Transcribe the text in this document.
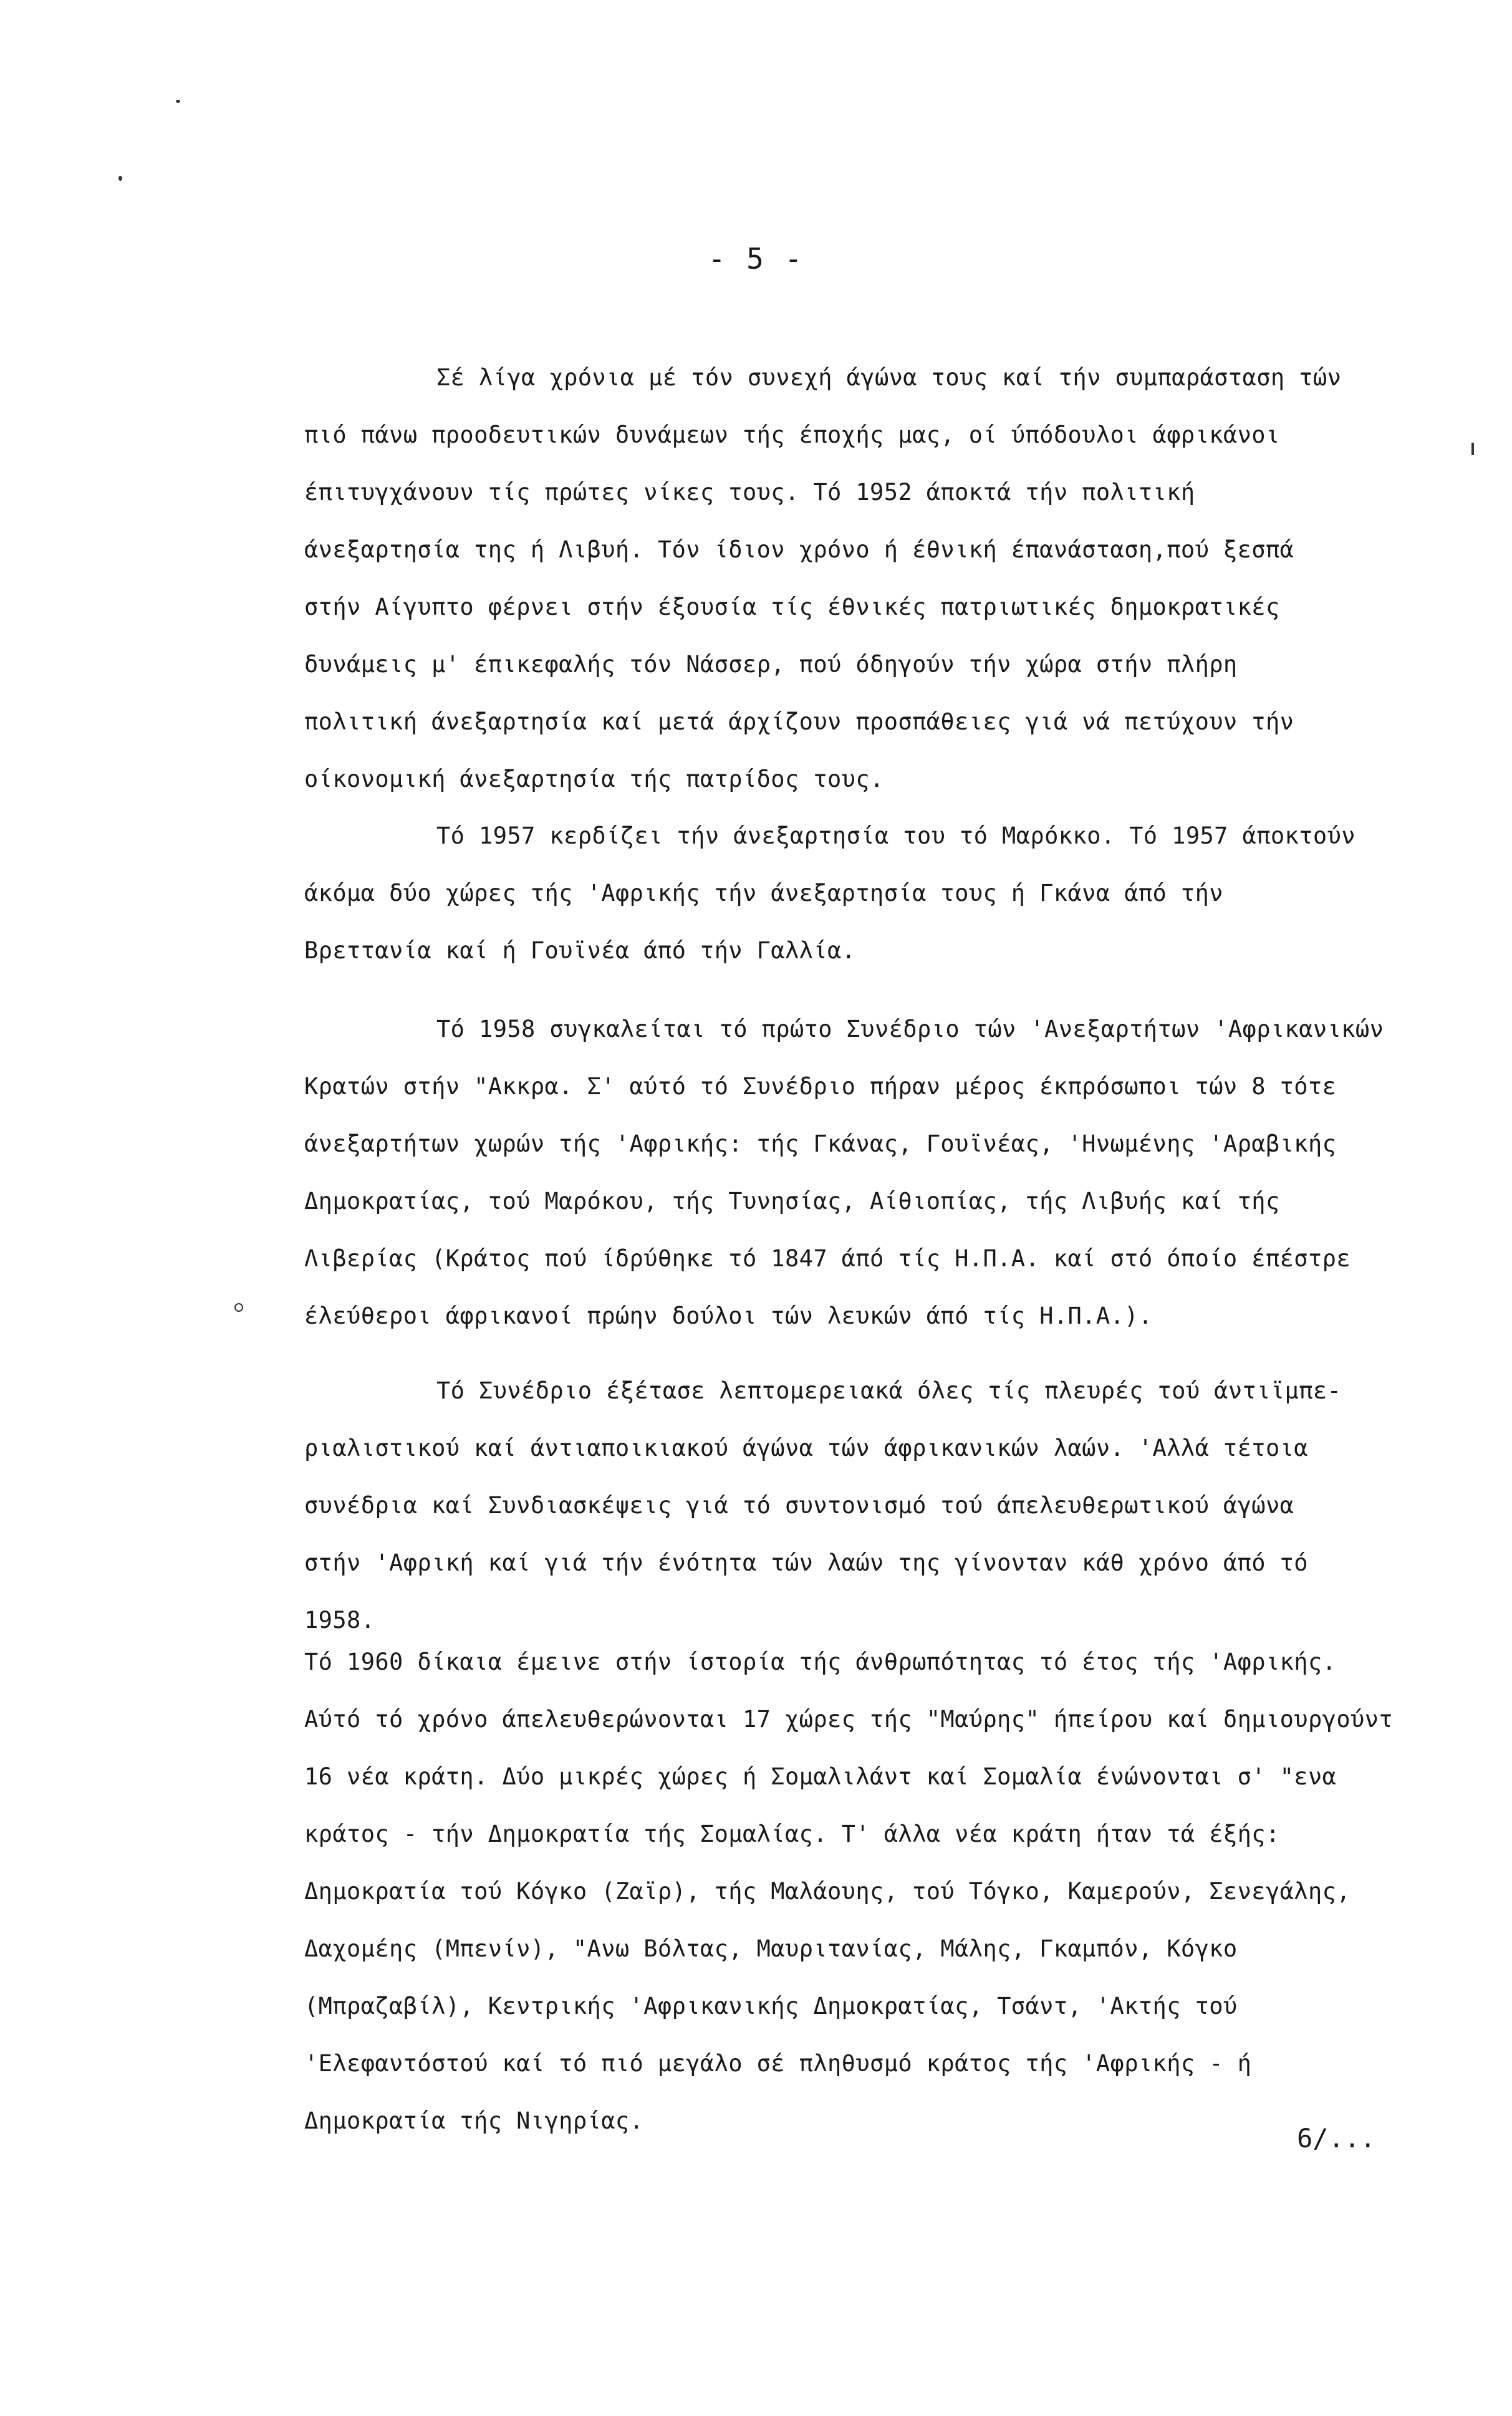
- 5 -
Σέ λίγα χρόνια μέ τόν συνεχή άγώνα τους καί τήν συμπαράσταση τών
πιό πάνω προοδευτικών δυνάμεων τής έποχής μας, οί ύπόδουλοι άφρικάνοι
έπιτυγχάνουν τίς πρώτες νίκες τους. Τό 1952 άποκτά τήν πολιτική
άνεξαρτησία της ή Λιβυή. Τόν ίδιον χρόνο ή έθνική έπανάσταση,πού ξεσπά
στήν Αίγυπτο φέρνει στήν έξουσία τίς έθνικές πατριωτικές δημοκρατικές
δυνάμεις μ' έπικεφαλής τόν Νάσσερ, πού όδηγούν τήν χώρα στήν πλήρη
πολιτική άνεξαρτησία καί μετά άρχίζουν προσπάθειες γιά νά πετύχουν τήν
οίκονομική άνεξαρτησία τής πατρίδος τους.
Τό 1957 κερδίζει τήν άνεξαρτησία του τό Μαρόκκο. Τό 1957 άποκτούν
άκόμα δύο χώρες τής 'Αφρικής τήν άνεξαρτησία τους ή Γκάνα άπό τήν
Βρεττανία καί ή Γουϊνέα άπό τήν Γαλλία.
Τό 1958 συγκαλείται τό πρώτο Συνέδριο τών 'Ανεξαρτήτων 'Αφρικανικών
Κρατών στήν "Ακκρα. Σ' αύτό τό Συνέδριο πήραν μέρος έκπρόσωποι τών 8 τότε
άνεξαρτήτων χωρών τής 'Αφρικής: τής Γκάνας, Γουϊνέας, 'Ηνωμένης 'Αραβικής
Δημοκρατίας, τού Μαρόκου, τής Τυνησίας, Αίθιοπίας, τής Λιβυής καί τής
Λιβερίας (Κράτος πού ίδρύθηκε τό 1847 άπό τίς Η.Π.Α. καί στό όποίο έπέστρε
έλεύθεροι άφρικανοί πρώην δούλοι τών λευκών άπό τίς Η.Π.Α.).
Τό Συνέδριο έξέτασε λεπτομερειακά όλες τίς πλευρές τού άντιϊμπε-
ριαλιστικού καί άντιαποικιακού άγώνα τών άφρικανικών λαών. 'Αλλά τέτοια
συνέδρια καί Συνδιασκέψεις γιά τό συντονισμό τού άπελευθερωτικού άγώνα
στήν 'Αφρική καί γιά τήν ένότητα τών λαών της γίνονταν κάθ χρόνο άπό τό
1958.
Τό 1960 δίκαια έμεινε στήν ίστορία τής άνθρωπότητας τό έτος τής 'Αφρικής.
Αύτό τό χρόνο άπελευθερώνονται 17 χώρες τής "Μαύρης" ήπείρου καί δημιουργούντ
16 νέα κράτη. Δύο μικρές χώρες ή Σομαλιλάντ καί Σομαλία ένώνονται σ' "ενα
κράτος - τήν Δημοκρατία τής Σομαλίας. Τ' άλλα νέα κράτη ήταν τά έξής:
Δημοκρατία τού Κόγκο (Ζαϊρ), τής Μαλάουης, τού Τόγκο, Καμερούν, Σενεγάλης,
Δαχομέης (Μπενίν), "Ανω Βόλτας, Μαυριτανίας, Μάλης, Γκαμπόν, Κόγκο
(Μπραζαβίλ), Κεντρικής 'Αφρικανικής Δημοκρατίας, Τσάντ, 'Ακτής τού
'Ελεφαντόστού καί τό πιό μεγάλο σέ πληθυσμό κράτος τής 'Αφρικής - ή
Δημοκρατία τής Νιγηρίας.
6/...
